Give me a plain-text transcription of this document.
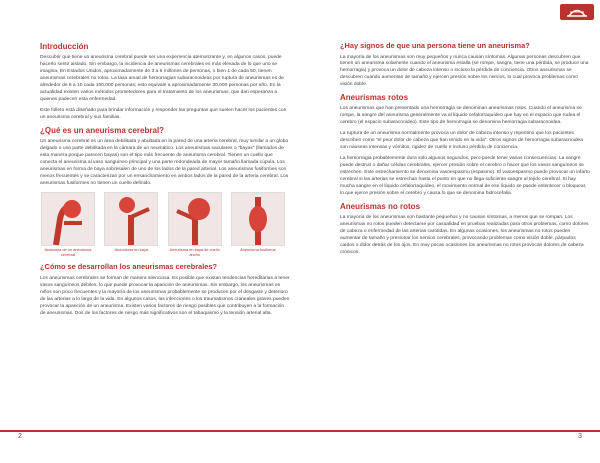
Introducción

Descubrir que tiene un aneurisma cerebral puede ser una experiencia atemorizante y, en algunos casos, puede hacerlo sentir aislado. Sin embargo, la incidencia de aneurismas cerebrales es más elevada de lo que uno se imagina. En Estados Unidos, aproximadamente de 3 a 6 millones de personas, o bien 1 de cada 50, tienen aneurismas cerebrales no rotos. La tasa anual de hemorragias subaracnoideas por ruptura de aneurismas es de alrededor de 8 a 10 cada 100.000 personas; esto equivale a aproximadamente 30.000 personas por año. En la actualidad existen varios métodos prometedores para el tratamiento de los aneurismas, que dan esperanza a quienes padecen esta enfermedad.

Este folleto está diseñado para brindar información y responder las preguntas que suelen hacer los pacientes con un aneurisma cerebral y sus familias.

¿Qué es un aneurisma cerebral?

Un aneurisma cerebral es un área debilitada y abultada en la pared de una arteria cerebral, muy similar a un globo delgado o una parte debilitada en la cámara de un neumático. Los aneurismas saculares o "bayas" (llamados de esta manera porque parecen bayas) son el tipo más frecuente de aneurisma cerebral. Tienen un cuello que conecta el aneurisma al vaso sanguíneo principal y una parte redondeada de mayor tamaño llamada cúpula. Los aneurismas en forma de baya sobresalen de uno de los lados de la pared arterial. Los aneurismas fusiformes son menos frecuentes y se caracterizan por un ensanchamiento en ambos lados de la pared de la arteria cerebral. Los aneurismas fusiformes no tienen un cuello definido.

Anatomía de un aneurisma cerebral
Aneurisma en baya	Aneurisma en baya de cuello ancho
Aneurisma fusiforme
¿Cómo se desarrollan los aneurismas cerebrales?

Los aneurismas cerebrales se forman de manera silenciosa. Es posible que existan tendencias hereditarias a tener vasos sanguíneos débiles, lo que puede provocar la aparición de aneurismas. Sin embargo, los aneurismas en niños son poco frecuentes y la mayoría de los aneurismas probablemente se producen por el desgaste y deterioro de las arterias a lo largo de la vida. En algunos casos, las infecciones o los traumatismos craneales graves pueden provocar la aparición de un aneurisma. Existen varios factores de riesgo posibles que contribuyen a la formación de aneurismas. Dos de los factores de riesgo más significativos son el tabaquismo y la tensión arterial alta.

¿Hay signos de que una persona tiene un aneurisma?

La mayoría de los aneurismas son muy pequeños y nunca causan síntomas. Algunas personas descubren que tienen un aneurisma solamente cuando el aneurisma estalla (se rompe, sangra, tiene una pérdida, se produce una hemorragia) y provoca un dolor de cabeza intenso o incluso la pérdida de conciencia. Otros aneurismas se descubren cuando aumentan de tamaño y ejercen presión sobre los nervios, lo cual provoca problemas como visión doble.

Aneurismas rotos

Los aneurismas que han presentado una hemorragia se denominan aneurismas rotos. Cuando el aneurisma se rompe, la sangre del aneurisma generalmente va al líquido cefalorraquídeo que hay en el espacio que rodea el cerebro (el espacio subaracnoideo). Este tipo de hemorragia se denomina hemorragia subaracnoidea.

La ruptura de un aneurisma normalmente provoca un dolor de cabeza intenso y repentino que los pacientes describen como "el peor dolor de cabeza que han tenido en la vida". Otros signos de hemorragia subaracnoidea son náuseas intensas y vómitos, rigidez de cuello e incluso pérdida de conciencia.

La hemorragia probablemente dura solo algunos segundos, pero puede tener varias consecuencias. La sangre puede destruir o dañar células cerebrales, ejercer presión sobre el cerebro o hacer que los vasos sanguíneos se estrechen. Este estrechamiento se denomina vasoespasmo (espasmo). El vasoespasmo puede provocar un infarto cerebral si las arterias se estrechan hasta el punto en que no llega suficiente sangre al tejido cerebral. Si hay mucha sangre en el líquido cefalorraquídeo, el movimiento normal de ese líquido se puede enlentecer o bloquear, lo que ejerce presión sobre el cerebro y causa lo que se denomina hidrocefalia.

Aneurismas no rotos

La mayoría de los aneurismas son bastante pequeños y no causan síntomas, a menos que se rompan. Los aneurismas no rotos pueden detectarse por casualidad en pruebas realizadas para otros problemas, como dolores de cabeza o enfermedad de las arterias carótidas. En algunas ocasiones, los aneurismas no rotos pueden aumentar de tamaño y presionar los nervios cerebrales, provocando problemas como visión doble, párpados caídos o dolor detrás de los ojos. En muy pocas ocasiones los aneurismas no rotos provocan dolores de cabeza crónicos.

2	3
